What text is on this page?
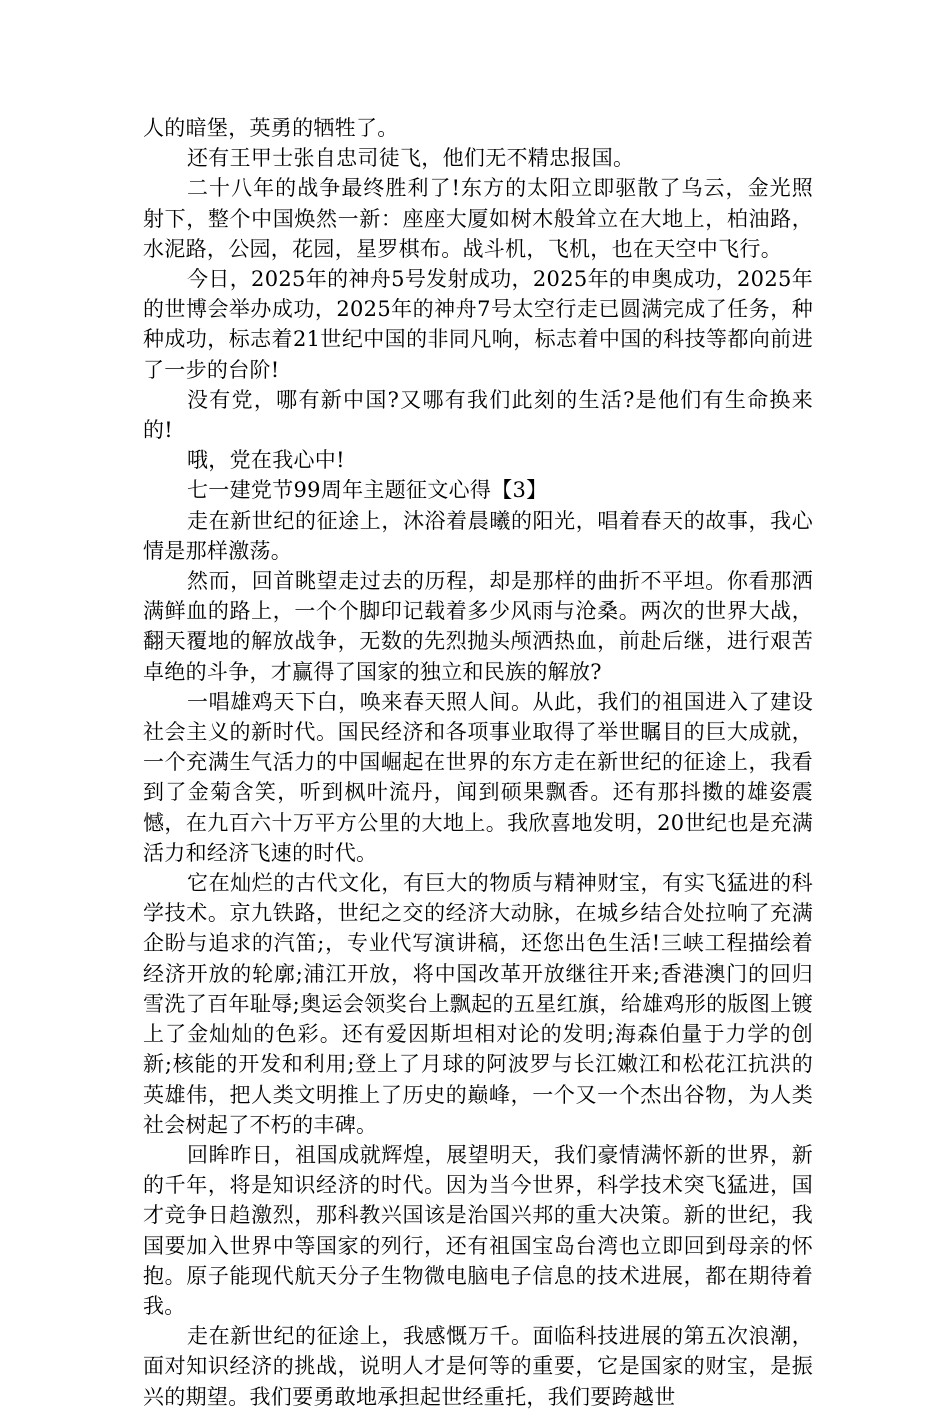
人的暗堡，英勇的牺牲了。

还有王甲士张自忠司徒飞，他们无不精忠报国。

二十八年的战争最终胜利了!东方的太阳立即驱散了乌云，金光照射下，整个中国焕然一新：座座大厦如树木般耸立在大地上，柏油路，水泥路，公园，花园，星罗棋布。战斗机，飞机，也在天空中飞行。

今日，2025年的神舟5号发射成功，2025年的申奥成功，2025年的世博会举办成功，2025年的神舟7号太空行走已圆满完成了任务，种种成功，标志着21世纪中国的非同凡响，标志着中国的科技等都向前进了一步的台阶!

没有党，哪有新中国?又哪有我们此刻的生活?是他们有生命换来的!

哦，党在我心中!

七一建党节99周年主题征文心得【3】

走在新世纪的征途上，沐浴着晨曦的阳光，唱着春天的故事，我心情是那样激荡。

然而，回首眺望走过去的历程，却是那样的曲折不平坦。你看那洒满鲜血的路上，一个个脚印记载着多少风雨与沧桑。两次的世界大战，翻天覆地的解放战争，无数的先烈抛头颅洒热血，前赴后继，进行艰苦卓绝的斗争，才赢得了国家的独立和民族的解放?

一唱雄鸡天下白，唤来春天照人间。从此，我们的祖国进入了建设社会主义的新时代。国民经济和各项事业取得了举世瞩目的巨大成就，一个充满生气活力的中国崛起在世界的东方走在新世纪的征途上，我看到了金菊含笑，听到枫叶流丹，闻到硕果飘香。还有那抖擞的雄姿震憾，在九百六十万平方公里的大地上。我欣喜地发明，20世纪也是充满活力和经济飞速的时代。

它在灿烂的古代文化，有巨大的物质与精神财宝，有实飞猛进的科学技术。京九铁路，世纪之交的经济大动脉，在城乡结合处拉响了充满企盼与追求的汽笛;，专业代写演讲稿，还您出色生活!三峡工程描绘着经济开放的轮廓;浦江开放，将中国改革开放继往开来;香港澳门的回归雪洗了百年耻辱;奥运会领奖台上飘起的五星红旗，给雄鸡形的版图上镀上了金灿灿的色彩。还有爱因斯坦相对论的发明;海森伯量于力学的创新;核能的开发和利用;登上了月球的阿波罗与长江嫩江和松花江抗洪的英雄伟，把人类文明推上了历史的巅峰，一个又一个杰出谷物，为人类社会树起了不朽的丰碑。

回眸昨日，祖国成就辉煌，展望明天，我们豪情满怀新的世界，新的千年，将是知识经济的时代。因为当今世界，科学技术突飞猛进，国才竞争日趋激烈，那科教兴国该是治国兴邦的重大决策。新的世纪，我国要加入世界中等国家的列行，还有祖国宝岛台湾也立即回到母亲的怀抱。原子能现代航天分子生物微电脑电子信息的技术进展，都在期待着我。

走在新世纪的征途上，我感慨万千。面临科技进展的第五次浪潮，面对知识经济的挑战，说明人才是何等的重要，它是国家的财宝，是振兴的期望。我们要勇敢地承担起世经重托，我们要跨越世
